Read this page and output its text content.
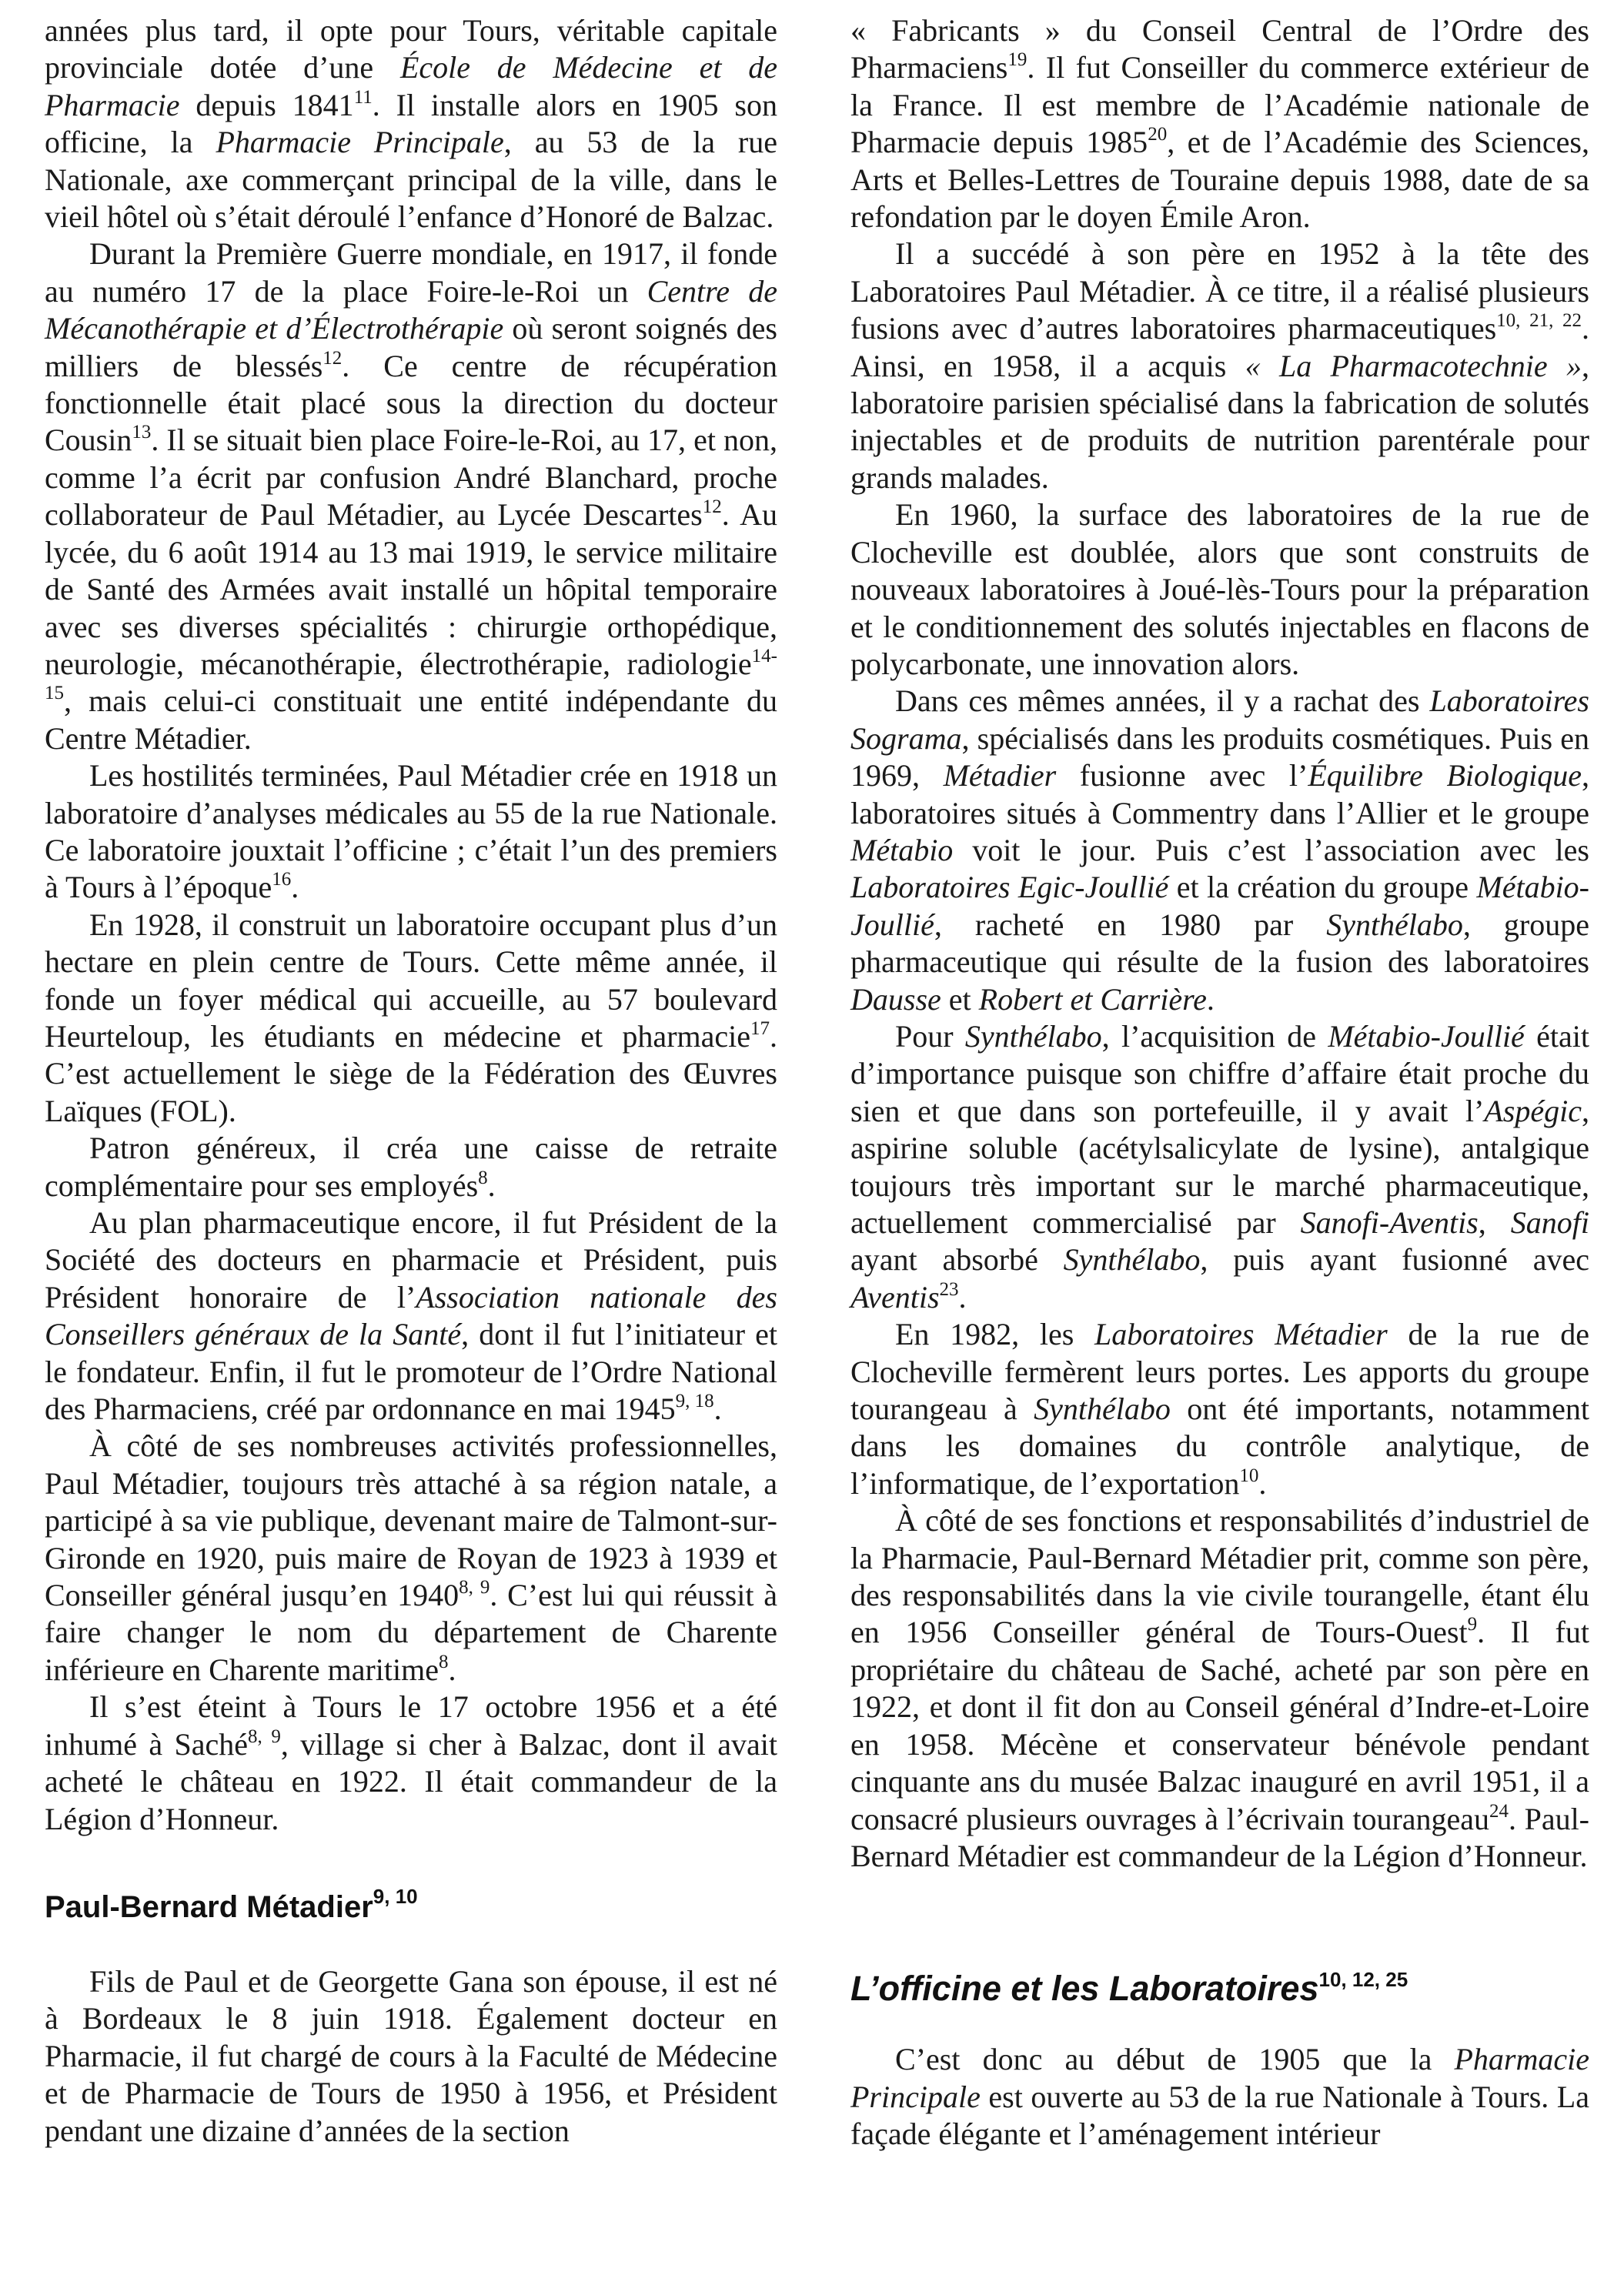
années plus tard, il opte pour Tours, véritable capitale provinciale dotée d’une École de Médecine et de Pharmacie depuis 1841$^{11}$. Il installe alors en 1905 son officine, la Pharmacie Principale, au 53 de la rue Nationale, axe commerçant principal de la ville, dans le vieil hôtel où s’était déroulé l’enfance d’Honoré de Balzac.

Durant la Première Guerre mondiale, en 1917, il fonde au numéro 17 de la place Foire-le-Roi un Centre de Mécanothérapie et d’Électrothérapie où seront soignés des milliers de blessés$^{12}$. Ce centre de récupération fonctionnelle était placé sous la direction du docteur Cousin$^{13}$. Il se situait bien place Foire-le-Roi, au 17, et non, comme l’a écrit par confusion André Blanchard, proche collaborateur de Paul Métadier, au Lycée Descartes$^{12}$. Au lycée, du 6 août 1914 au 13 mai 1919, le service militaire de Santé des Armées avait installé un hôpital temporaire avec ses diverses spécialités : chirurgie orthopédique, neurologie, mécanothérapie, électrothérapie, radiologie$^{14-15}$, mais celui-ci constituait une entité indépendante du Centre Métadier.

Les hostilités terminées, Paul Métadier crée en 1918 un laboratoire d’analyses médicales au 55 de la rue Nationale. Ce laboratoire jouxtait l’officine ; c’était l’un des premiers à Tours à l’époque$^{16}$.

En 1928, il construit un laboratoire occupant plus d’un hectare en plein centre de Tours. Cette même année, il fonde un foyer médical qui accueille, au 57 boulevard Heurteloup, les étudiants en médecine et pharmacie$^{17}$. C’est actuellement le siège de la Fédération des Œuvres Laïques (FOL).

Patron généreux, il créa une caisse de retraite complémentaire pour ses employés$^8$.

Au plan pharmaceutique encore, il fut Président de la Société des docteurs en pharmacie et Président, puis Président honoraire de l’Association nationale des Conseillers généraux de la Santé, dont il fut l’initiateur et le fondateur. Enfin, il fut le promoteur de l’Ordre National des Pharmaciens, créé par ordonnance en mai 1945$^{9, 18}$.

À côté de ses nombreuses activités professionnelles, Paul Métadier, toujours très attaché à sa région natale, a participé à sa vie publique, devenant maire de Talmont-sur-Gironde en 1920, puis maire de Royan de 1923 à 1939 et Conseiller général jusqu’en 1940$^{8, 9}$. C’est lui qui réussit à faire changer le nom du département de Charente inférieure en Charente maritime$^8$.

Il s’est éteint à Tours le 17 octobre 1956 et a été inhumé à Saché$^{8, 9}$, village si cher à Balzac, dont il avait acheté le château en 1922. Il était commandeur de la Légion d’Honneur.

Paul-Bernard Métadier$^{9, 10}$

Fils de Paul et de Georgette Gana son épouse, il est né à Bordeaux le 8 juin 1918. Également docteur en Pharmacie, il fut chargé de cours à la Faculté de Médecine et de Pharmacie de Tours de 1950 à 1956, et Président pendant une dizaine d’années de la section

« Fabricants » du Conseil Central de l’Ordre des Pharmaciens$^{19}$. Il fut Conseiller du commerce extérieur de la France. Il est membre de l’Académie nationale de Pharmacie depuis 1985$^{20}$, et de l’Académie des Sciences, Arts et Belles-Lettres de Touraine depuis 1988, date de sa refondation par le doyen Émile Aron.

Il a succédé à son père en 1952 à la tête des Laboratoires Paul Métadier. À ce titre, il a réalisé plusieurs fusions avec d’autres laboratoires pharmaceutiques$^{10, 21, 22}$. Ainsi, en 1958, il a acquis « La Pharmacotechnie », laboratoire parisien spécialisé dans la fabrication de solutés injectables et de produits de nutrition parentérale pour grands malades.

En 1960, la surface des laboratoires de la rue de Clocheville est doublée, alors que sont construits de nouveaux laboratoires à Joué-lès-Tours pour la préparation et le conditionnement des solutés injectables en flacons de polycarbonate, une innovation alors.

Dans ces mêmes années, il y a rachat des Laboratoires Sograma, spécialisés dans les produits cosmétiques. Puis en 1969, Métadier fusionne avec l’Équilibre Biologique, laboratoires situés à Commentry dans l’Allier et le groupe Métabio voit le jour. Puis c’est l’association avec les Laboratoires Egic-Joullié et la création du groupe Métabio-Joullié, racheté en 1980 par Synthélabo, groupe pharmaceutique qui résulte de la fusion des laboratoires Dausse et Robert et Carrière.

Pour Synthélabo, l’acquisition de Métabio-Joullié était d’importance puisque son chiffre d’affaire était proche du sien et que dans son portefeuille, il y avait l’Aspégic, aspirine soluble (acétylsalicylate de lysine), antalgique toujours très important sur le marché pharmaceutique, actuellement commercialisé par Sanofi-Aventis, Sanofi ayant absorbé Synthélabo, puis ayant fusionné avec Aventis$^{23}$.

En 1982, les Laboratoires Métadier de la rue de Clocheville fermèrent leurs portes. Les apports du groupe tourangeau à Synthélabo ont été importants, notamment dans les domaines du contrôle analytique, de l’informatique, de l’exportation$^{10}$.

À côté de ses fonctions et responsabilités d’industriel de la Pharmacie, Paul-Bernard Métadier prit, comme son père, des responsabilités dans la vie civile tourangelle, étant élu en 1956 Conseiller général de Tours-Ouest$^9$. Il fut propriétaire du château de Saché, acheté par son père en 1922, et dont il fit don au Conseil général d’Indre-et-Loire en 1958. Mécène et conservateur bénévole pendant cinquante ans du musée Balzac inauguré en avril 1951, il a consacré plusieurs ouvrages à l’écrivain tourangeau$^{24}$. Paul-Bernard Métadier est commandeur de la Légion d’Honneur.

L’officine et les Laboratoires$^{10, 12, 25}$

C’est donc au début de 1905 que la Pharmacie Principale est ouverte au 53 de la rue Nationale à Tours. La façade élégante et l’aménagement intérieur
